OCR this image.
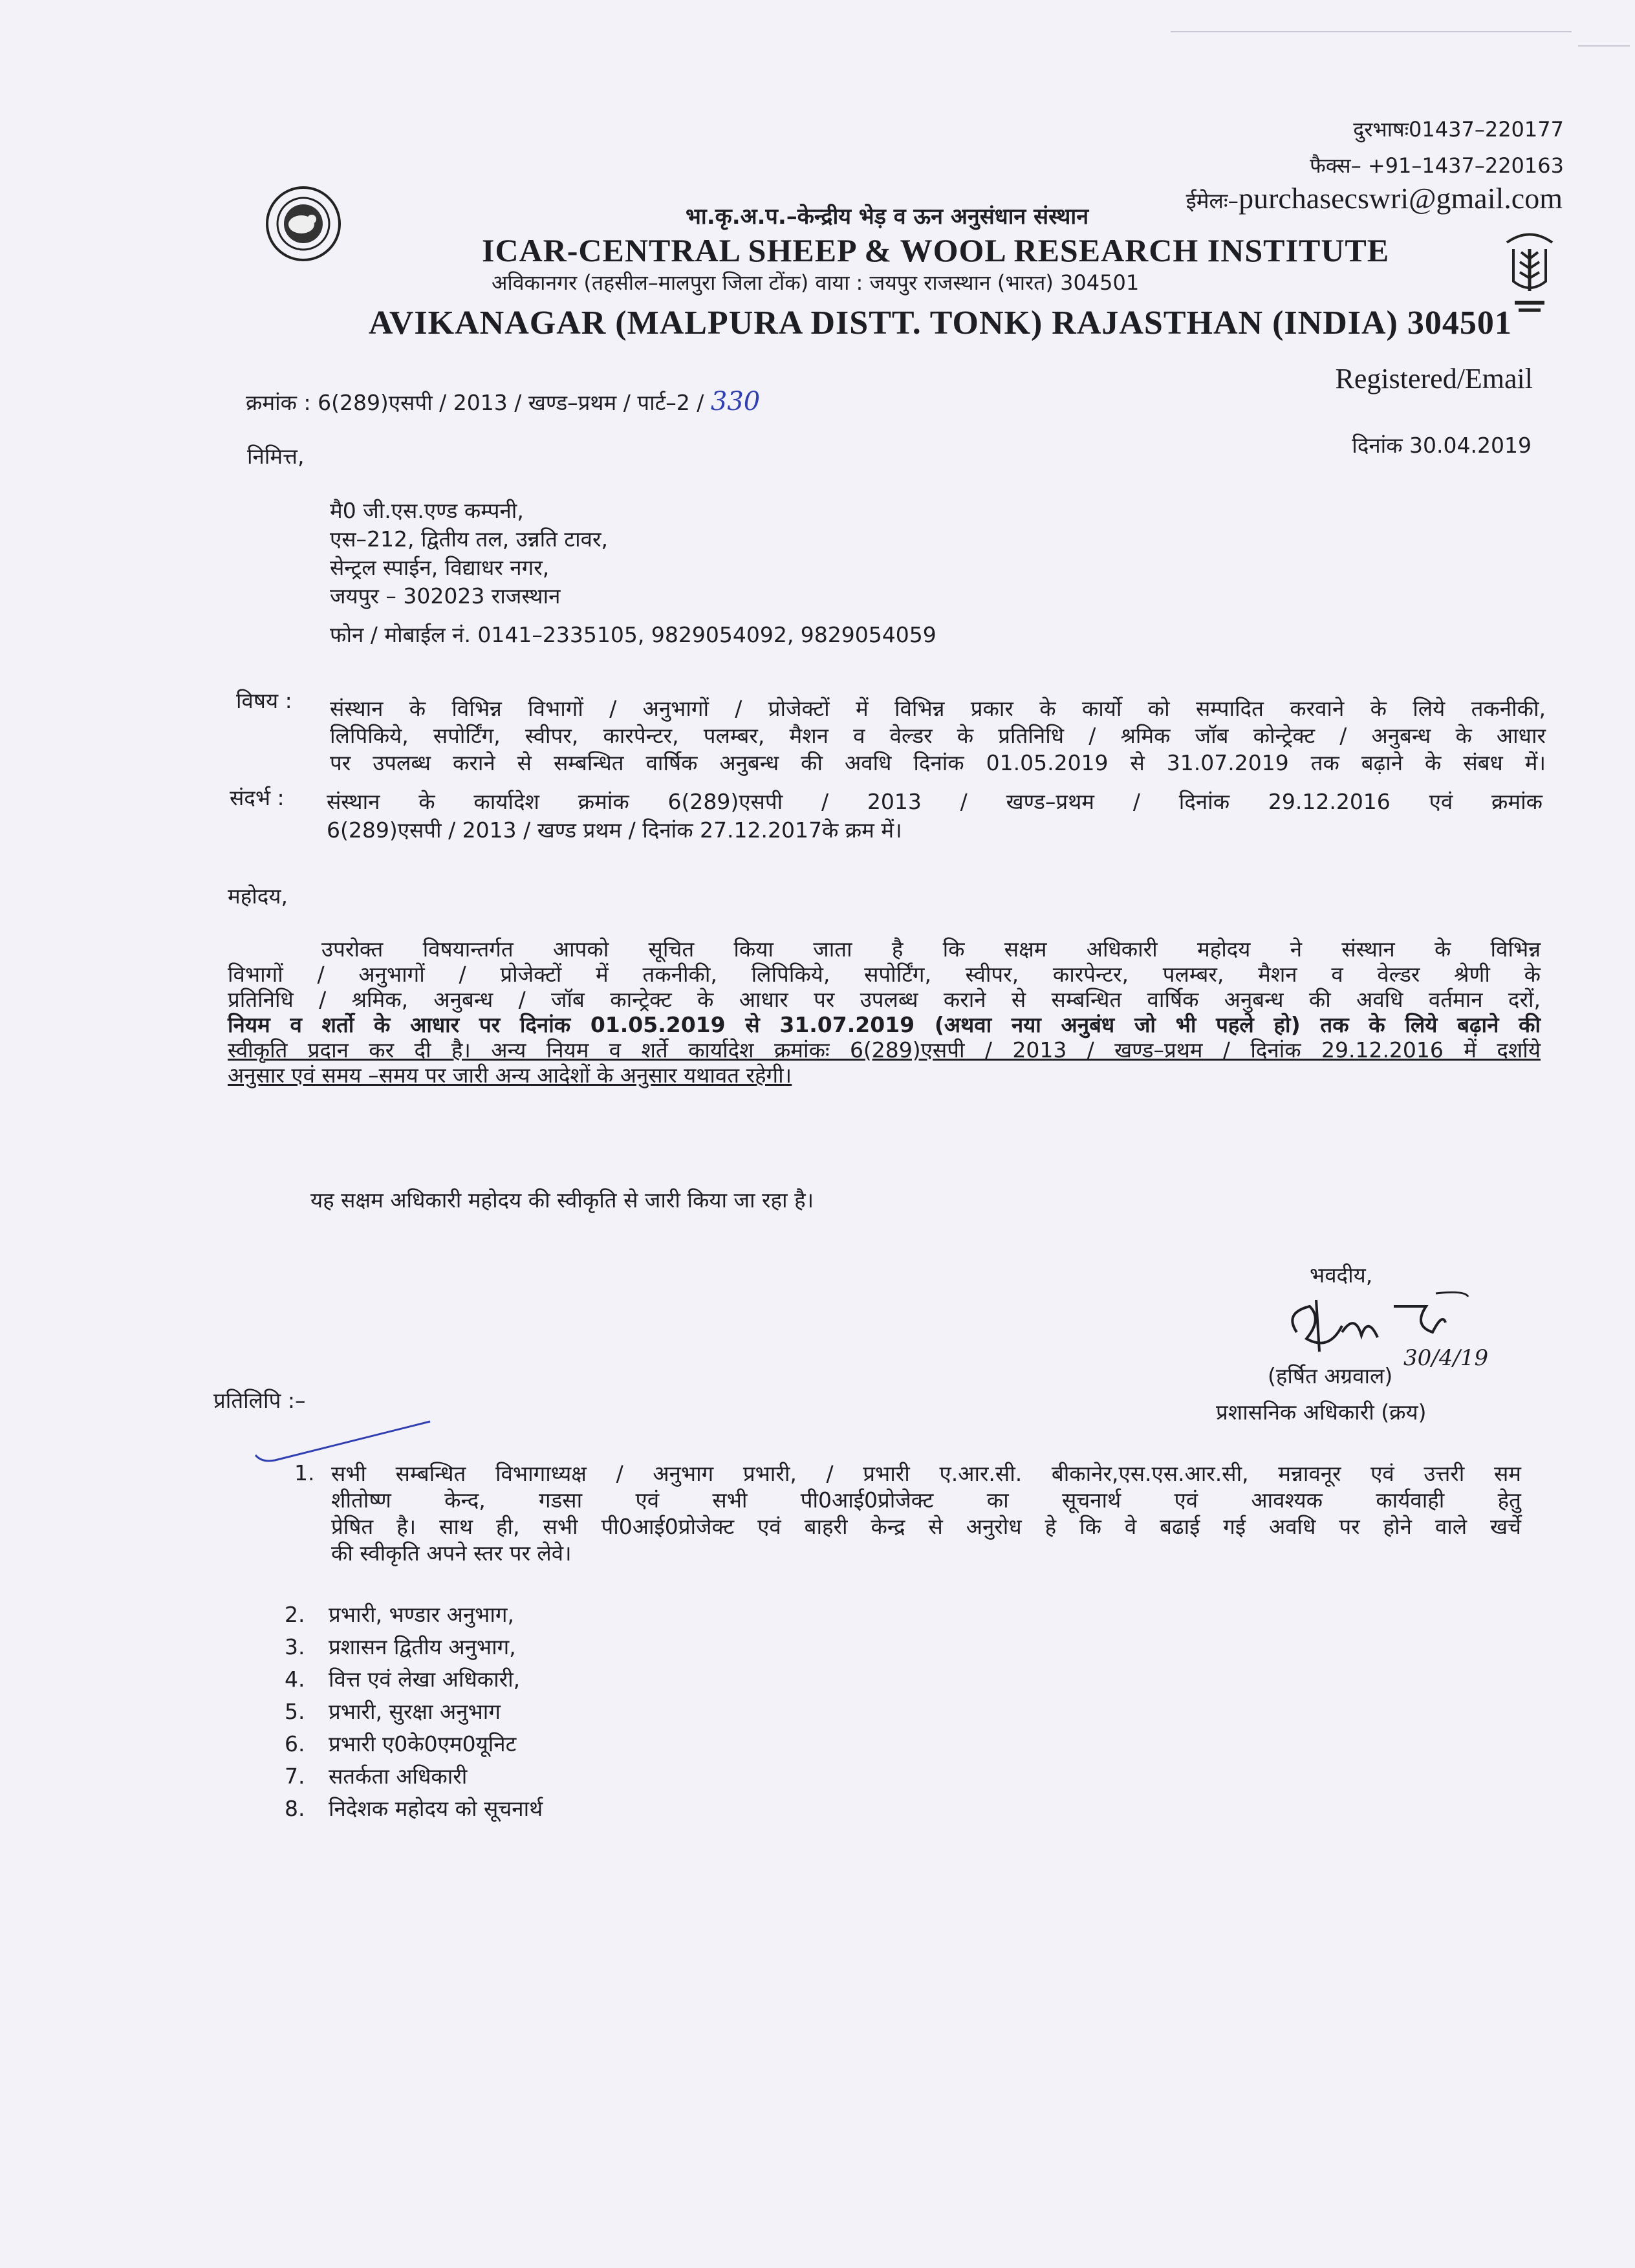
दुरभाषः01437–220177
फैक्स– +91–1437–220163
ईमेलः–purchasecswri@gmail.com
भा.कृ.अ.प.–केन्द्रीय भेड़ व ऊन अनुसंधान संस्थान
ICAR-CENTRAL SHEEP & WOOL RESEARCH INSTITUTE
अविकानगर (तहसील–मालपुरा जिला टोंक) वाया : जयपुर राजस्थान (भारत) 304501
AVIKANAGAR (MALPURA DISTT. TONK) RAJASTHAN (INDIA) 304501
Registered/Email
क्रमांक : 6(289)एसपी / 2013 / खण्ड–प्रथम / पार्ट–2 / 330
दिनांक 30.04.2019
निमित्त,
मै0 जी.एस.एण्ड कम्पनी,
एस–212, द्वितीय तल, उन्नति टावर,
सेन्ट्रल स्पाईन, विद्याधर नगर,
जयपुर – 302023 राजस्थान
फोन / मोबाईल नं. 0141–2335105, 9829054092, 9829054059
विषय : संस्थान के विभिन्न विभागों / अनुभागों / प्रोजेक्टों में विभिन्न प्रकार के कार्यो को सम्पादित करवाने के लिये तकनीकी,
लिपिकिये, सपोर्टिंग, स्वीपर, कारपेन्टर, पलम्बर, मैशन व वेल्डर के प्रतिनिधि / श्रमिक जॉब कोन्ट्रेक्ट / अनुबन्ध के आधार
पर उपलब्ध कराने से सम्बन्धित वार्षिक अनुबन्ध की अवधि दिनांक 01.05.2019 से 31.07.2019 तक बढ़ाने के संबध में।
संदर्भ : संस्थान के कार्यादेश क्रमांक 6(289)एसपी / 2013 / खण्ड–प्रथम / दिनांक 29.12.2016 एवं क्रमांक
6(289)एसपी / 2013 / खण्ड प्रथम / दिनांक 27.12.2017के क्रम में।
महोदय,
उपरोक्त विषयान्तर्गत आपको सूचित किया जाता है कि सक्षम अधिकारी महोदय ने संस्थान के विभिन्न
विभागों / अनुभागों / प्रोजेक्टों में तकनीकी, लिपिकिये, सपोर्टिंग, स्वीपर, कारपेन्टर, पलम्बर, मैशन व वेल्डर श्रेणी के
प्रतिनिधि / श्रमिक, अनुबन्ध / जॉब कान्ट्रेक्ट के आधार पर उपलब्ध कराने से सम्बन्धित वार्षिक अनुबन्ध की अवधि वर्तमान दरों,
नियम व शर्तो के आधार पर दिनांक 01.05.2019 से 31.07.2019 (अथवा नया अनुबंध जो भी पहले हो) तक के लिये बढ़ाने की
स्वीकृति प्रदान कर दी है। अन्य नियम व शर्ते कार्यादेश क्रमांकः 6(289)एसपी / 2013 / खण्ड–प्रथम / दिनांक 29.12.2016 में दर्शाये
अनुसार एवं समय –समय पर जारी अन्य आदेशों के अनुसार यथावत रहेगी।
यह सक्षम अधिकारी महोदय की स्वीकृति से जारी किया जा रहा है।
भवदीय,
30/4/19
(हर्षित अग्रवाल)
प्रशासनिक अधिकारी (क्रय)
प्रतिलिपि :–
1. सभी सम्बन्धित विभागाध्यक्ष / अनुभाग प्रभारी, / प्रभारी ए.आर.सी. बीकानेर,एस.एस.आर.सी, मन्नावनूर एवं उत्तरी सम
शीतोष्ण केन्द, गडसा एवं सभी पी0आई0प्रोजेक्ट का सूचनार्थ एवं आवश्यक कार्यवाही हेतु
प्रेषित है। साथ ही, सभी पी0आई0प्रोजेक्ट एवं बाहरी केन्द्र से अनुरोध हे कि वे बढाई गई अवधि पर होने वाले खर्चे
की स्वीकृति अपने स्तर पर लेवे।
2. प्रभारी, भण्डार अनुभाग,
3. प्रशासन द्वितीय अनुभाग,
4. वित्त एवं लेखा अधिकारी,
5. प्रभारी, सुरक्षा अनुभाग
6. प्रभारी ए0के0एम0यूनिट
7. सतर्कता अधिकारी
8. निदेशक महोदय को सूचनार्थ
